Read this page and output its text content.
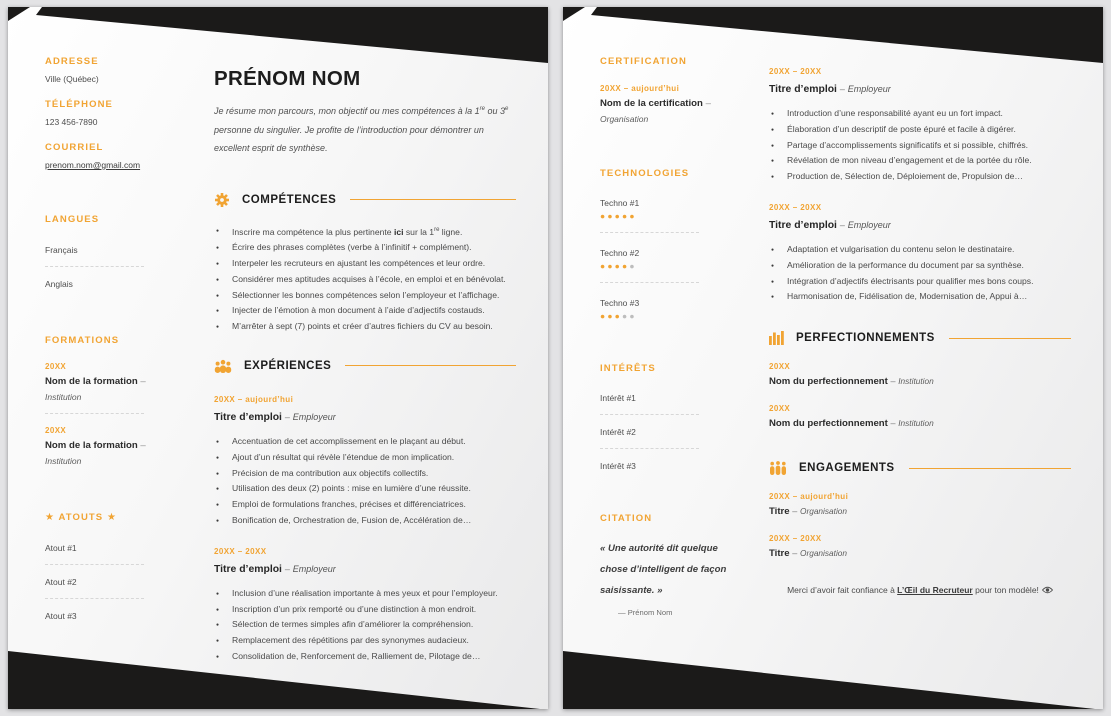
ADRESSE
Ville (Québec)
TÉLÉPHONE
123 456-7890
COURRIEL
prenom.nom@gmail.com
LANGUES
Français
Anglais
FORMATIONS
20XX
Nom de la formation –
Institution
20XX
Nom de la formation –
Institution
★ ATOUTS ★
Atout #1
Atout #2
Atout #3
PRÉNOM NOM
Je résume mon parcours, mon objectif ou mes compétences à la 1re ou 3e personne du singulier. Je profite de l’introduction pour démontrer un excellent esprit de synthèse.
COMPÉTENCES
● Inscrire ma compétence la plus pertinente ici sur la 1re ligne.
● Écrire des phrases complètes (verbe à l’infinitif + complément).
● Interpeler les recruteurs en ajustant les compétences et leur ordre.
● Considérer mes aptitudes acquises à l’école, en emploi et en bénévolat.
● Sélectionner les bonnes compétences selon l’employeur et l’affichage.
● Injecter de l’émotion à mon document à l’aide d’adjectifs costauds.
● M’arrêter à sept (7) points et créer d’autres fichiers du CV au besoin.
EXPÉRIENCES
20XX – aujourd’hui
Titre d’emploi – Employeur
● Accentuation de cet accomplissement en le plaçant au début.
● Ajout d’un résultat qui révèle l’étendue de mon implication.
● Précision de ma contribution aux objectifs collectifs.
● Utilisation des deux (2) points : mise en lumière d’une réussite.
● Emploi de formulations franches, précises et différenciatrices.
● Bonification de, Orchestration de, Fusion de, Accélération de…
20XX – 20XX
Titre d’emploi – Employeur
● Inclusion d’une réalisation importante à mes yeux et pour l’employeur.
● Inscription d’un prix remporté ou d’une distinction à mon endroit.
● Sélection de termes simples afin d’améliorer la compréhension.
● Remplacement des répétitions par des synonymes audacieux.
● Consolidation de, Renforcement de, Ralliement de, Pilotage de…
CERTIFICATION
20XX – aujourd’hui
Nom de la certification –
Organisation
TECHNOLOGIES
Techno #1
●●●●●
Techno #2
●●●●●
Techno #3
●●●●●
INTÉRÊTS
Intérêt #1
Intérêt #2
Intérêt #3
CITATION
« Une autorité dit quelque chose d’intelligent de façon saisissante. »
— Prénom Nom
20XX – 20XX
Titre d’emploi – Employeur
● Introduction d’une responsabilité ayant eu un fort impact.
● Élaboration d’un descriptif de poste épuré et facile à digérer.
● Partage d’accomplissements significatifs et si possible, chiffrés.
● Révélation de mon niveau d’engagement et de la portée du rôle.
● Production de, Sélection de, Déploiement de, Propulsion de…
20XX – 20XX
Titre d’emploi – Employeur
● Adaptation et vulgarisation du contenu selon le destinataire.
● Amélioration de la performance du document par sa synthèse.
● Intégration d’adjectifs électrisants pour qualifier mes bons coups.
● Harmonisation de, Fidélisation de, Modernisation de, Appui à…
PERFECTIONNEMENTS
20XX
Nom du perfectionnement – Institution
20XX
Nom du perfectionnement – Institution
ENGAGEMENTS
20XX – aujourd’hui
Titre – Organisation
20XX – 20XX
Titre – Organisation
Merci d’avoir fait confiance à L’Œil du Recruteur pour ton modèle!
